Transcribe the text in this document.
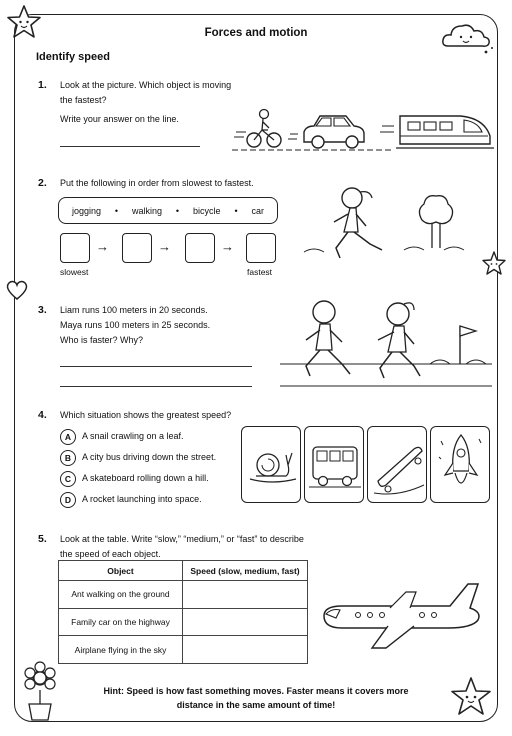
Forces and motion
Identify speed
1. Look at the picture. Which object is moving
the fastest?
Write your answer on the line.
2. Put the following in order from slowest to fastest.
jogging • walking • bicycle • car
→	→	→
slowest	fastest
3. Liam runs 100 meters in 20 seconds.
Maya runs 100 meters in 25 seconds.
Who is faster? Why?
4. Which situation shows the greatest speed?
A	A snail crawling on a leaf.
B	A city bus driving down the street.
C	A skateboard rolling down a hill.
D	A rocket launching into space.
5. Look at the table. Write “slow,” “medium,” or “fast” to describe
the speed of each object.
Object	Speed (slow, medium, fast)
Ant walking on the ground	
Family car on the highway	
Airplane flying in the sky	
Hint: Speed is how fast something moves. Faster means it covers more
distance in the same amount of time!
